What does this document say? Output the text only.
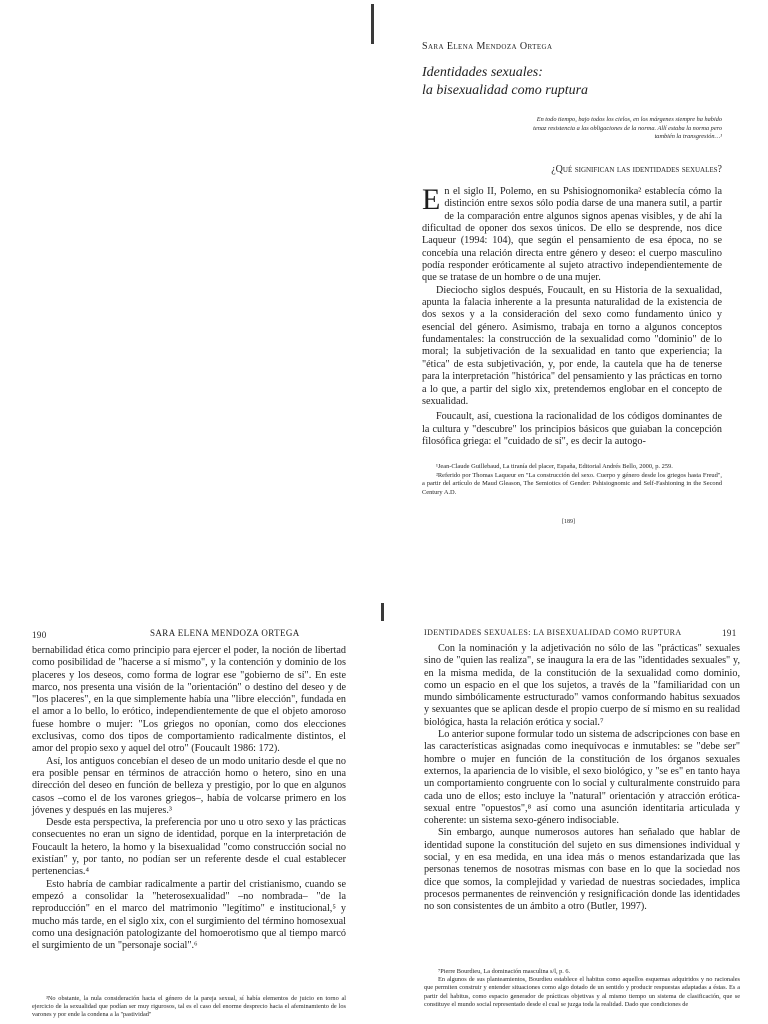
Sara Elena Mendoza Ortega
Identidades sexuales:
la bisexualidad como ruptura
En todo tiempo, bajo todos los cielos, en los márgenes siempre ha habido tenaz resistencia a las obligaciones de la norma. Allí estaba la norma pero también la transgresión…¹
¿Qué significan las identidades sexuales?

En el siglo II, Polemo, en su Pshisiognomonika² establecía cómo la distinción entre sexos sólo podía darse de una manera sutil, a partir de la comparación entre algunos signos apenas visibles, y de ahí la dificultad de oponer dos sexos únicos. De ello se desprende, nos dice Laqueur (1994: 104), que según el pensamiento de esa época, no se concebía una relación directa entre género y deseo: el cuerpo masculino podía responder eróticamente al sujeto atractivo independientemente de que se tratase de un hombre o de una mujer.

Dieciocho siglos después, Foucault, en su Historia de la sexualidad, apunta la falacia inherente a la presunta naturalidad de la existencia de dos sexos y a la consideración del sexo como fundamento único y esencial del género. Asimismo, trabaja en torno a algunos conceptos fundamentales: la construcción de la sexualidad como "dominio" de lo moral; la subjetivación de la sexualidad en tanto que experiencia; la "ética" de esta subjetivación, y, por ende, la cautela que ha de tenerse para la interpretación "histórica" del pensamiento y las prácticas en torno a lo que, a partir del siglo xix, pretendemos englobar en el concepto de sexualidad.

Foucault, así, cuestiona la racionalidad de los códigos dominantes de la cultura y "descubre" los principios básicos que guiaban la concepción filosófica griega: el "cuidado de sí", es decir la autogo-

¹Jean-Claude Guillebaud, La tiranía del placer, España, Editorial Andrés Bello, 2000, p. 259.

²Referido por Thomas Laqueur en "La construcción del sexo. Cuerpo y género desde los griegos hasta Freud", a partir del artículo de Maud Gleason, The Semiotics of Gender: Pshisiognomic and Self-Fashioning in the Second Century A.D.

[189]
190	SARA ELENA MENDOZA ORTEGA

bernabilidad ética como principio para ejercer el poder, la noción de libertad como posibilidad de "hacerse a sí mismo", y la contención y dominio de los placeres y los deseos, como forma de lograr ese "gobierno de sí". En este marco, nos presenta una visión de la "orientación" o destino del deseo y de "los placeres", en la que simplemente había una "libre elección", fundada en el amor a lo bello, lo erótico, independientemente de que el objeto amoroso fuese hombre o mujer: "Los griegos no oponían, como dos elecciones exclusivas, como dos tipos de comportamiento radicalmente distintos, el amor del propio sexo y aquel del otro" (Foucault 1986: 172).

Así, los antiguos concebían el deseo de un modo unitario desde el que no era posible pensar en términos de atracción homo o hetero, sino en una dirección del deseo en función de belleza y prestigio, por lo que en algunos casos –como el de los varones griegos–, había de volcarse primero en los jóvenes y después en las mujeres.³

Desde esta perspectiva, la preferencia por uno u otro sexo y las prácticas consecuentes no eran un signo de identidad, porque en la interpretación de Foucault la hetero, la homo y la bisexualidad "como construcción social no existían" y, por tanto, no podían ser un referente desde el cual establecer pertenencias.⁴

Esto habría de cambiar radicalmente a partir del cristianismo, cuando se empezó a consolidar la "heterosexualidad" –no nombrada– "de la reproducción" en el marco del matrimonio "legítimo" e institucional,⁵ y mucho más tarde, en el siglo xix, con el surgimiento del término homosexual como una designación patologizante del homoerotismo que al tiempo marcó el surgimiento de un "personaje social".⁶

³No obstante, la nula consideración hacia el género de la pareja sexual, sí había elementos de juicio en torno al ejercicio de la sexualidad que podían ser muy rigurosos, tal es el caso del enorme desprecio hacia el afeminamiento de los varones y por ende la condena a la "pastividad"

IDENTIDADES SEXUALES: LA BISEXUALIDAD COMO RUPTURA	191

Con la nominación y la adjetivación no sólo de las "prácticas" sexuales sino de "quien las realiza", se inaugura la era de las "identidades sexuales" y, en la misma medida, de la constitución de la sexualidad como dominio, como un espacio en el que los sujetos, a través de la "familiaridad con un mundo simbólicamente estructurado" vamos conformando habitus sexuados y sexuantes que se aplican desde el propio cuerpo de sí mismo en su realidad biológica, hasta la relación erótica y social.⁷

Lo anterior supone formular todo un sistema de adscripciones con base en las características asignadas como inequívocas e inmutables: se "debe ser" hombre o mujer en función de la constitución de los órganos sexuales externos, la apariencia de lo visible, el sexo biológico, y "se es" en tanto haya un comportamiento congruente con lo social y culturalmente construido para cada uno de ellos; esto incluye la "natural" orientación y atracción erótica-sexual entre "opuestos",⁸ así como una asunción identitaria articulada y coherente: un sistema sexo-género indisociable.

Sin embargo, aunque numerosos autores han señalado que hablar de identidad supone la constitución del sujeto en sus dimensiones individual y social, y en esa medida, en una idea más o menos estandarizada que las personas tenemos de nosotras mismas con base en lo que la sociedad nos dice que somos, la complejidad y variedad de nuestras sociedades, implica procesos permanentes de reinvención y resignificación donde las identidades no son consistentes de un ámbito a otro (Butler, 1997).

⁷Pierre Bourdieu, La dominación masculina s/l, p. 6.

En algunos de sus planteamientos, Bourdieu establece el habitus como aquellos esquemas adquiridos y no racionales que permiten construir y entender situaciones como algo dotado de un sentido y producir respuestas adaptadas a éstas. Es a partir del habitus, como espacio generador de prácticas objetivas y al mismo tiempo un sistema de clasificación, que se constituye el mundo social representado desde el cual se juzga toda la realidad. Dado que condiciones de
